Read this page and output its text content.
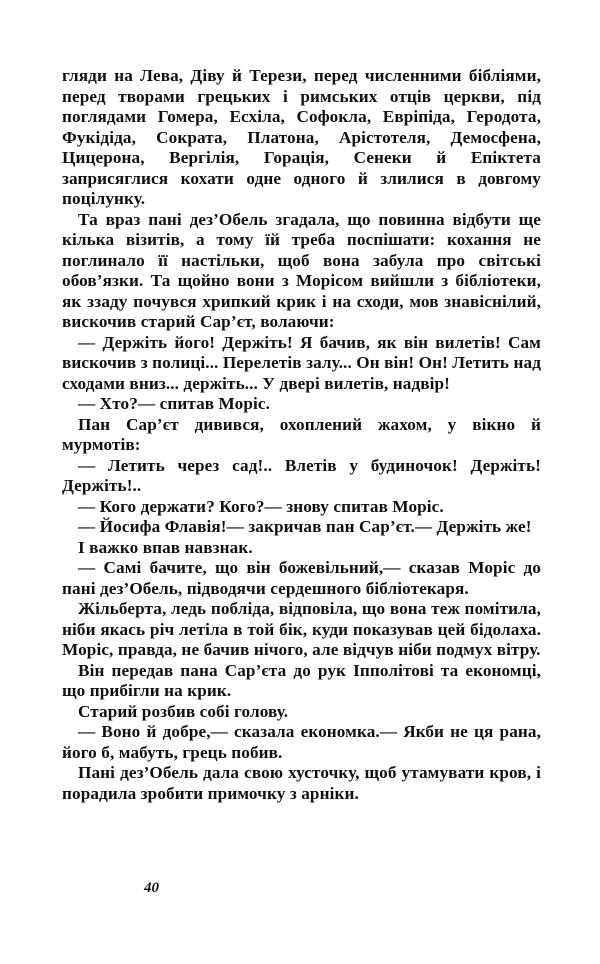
гляди на Лева, Діву й Терези, перед численними бібліями, перед творами грецьких і римських отців церкви, під поглядами Гомера, Есхіла, Софокла, Евріпіда, Геродота, Фукідіда, Сократа, Платона, Арістотеля, Демосфена, Цицерона, Вергілія, Горація, Сенеки й Епіктета заприсяглися кохати одне одного й злилися в довгому поцілунку.

Та враз пані дез’Обель згадала, що повинна відбути ще кілька візитів, а тому їй треба поспішати: кохання не поглинало її настільки, щоб вона забула про світські обов’язки. Та щойно вони з Морісом вийшли з бібліотеки, як ззаду почувся хрипкий крик і на сходи, мов знавіснілий, вискочив старий Сар’єт, волаючи:

— Держіть його! Держіть! Я бачив, як він вилетів! Сам вискочив з полиці... Перелетів залу... Он він! Он! Летить над сходами вниз... держіть... У двері вилетів, надвір!

— Хто?— спитав Моріс.

Пан Сар’єт дивився, охоплений жахом, у вікно й мурмотів:

— Летить через сад!.. Влетів у будиночок! Держіть! Держіть!..

— Кого держати? Кого?— знову спитав Моріс.

— Йосифа Флавія!— закричав пан Сар’єт.— Держіть же!

І важко впав навзнак.

— Самі бачите, що він божевільний,— сказав Моріс до пані дез’Обель, підводячи сердешного бібліотекаря.

Жільберта, ледь побліда, відповіла, що вона теж помітила, ніби якась річ летіла в той бік, куди показував цей бідолаха. Моріс, правда, не бачив нічого, але відчув ніби подмух вітру.

Він передав пана Сар’єта до рук Іпполітові та економці, що прибігли на крик.

Старий розбив собі голову.

— Воно й добре,— сказала економка.— Якби не ця рана, його б, мабуть, грець побив.

Пані дез’Обель дала свою хусточку, щоб утамувати кров, і порадила зробити примочку з арніки.

40
